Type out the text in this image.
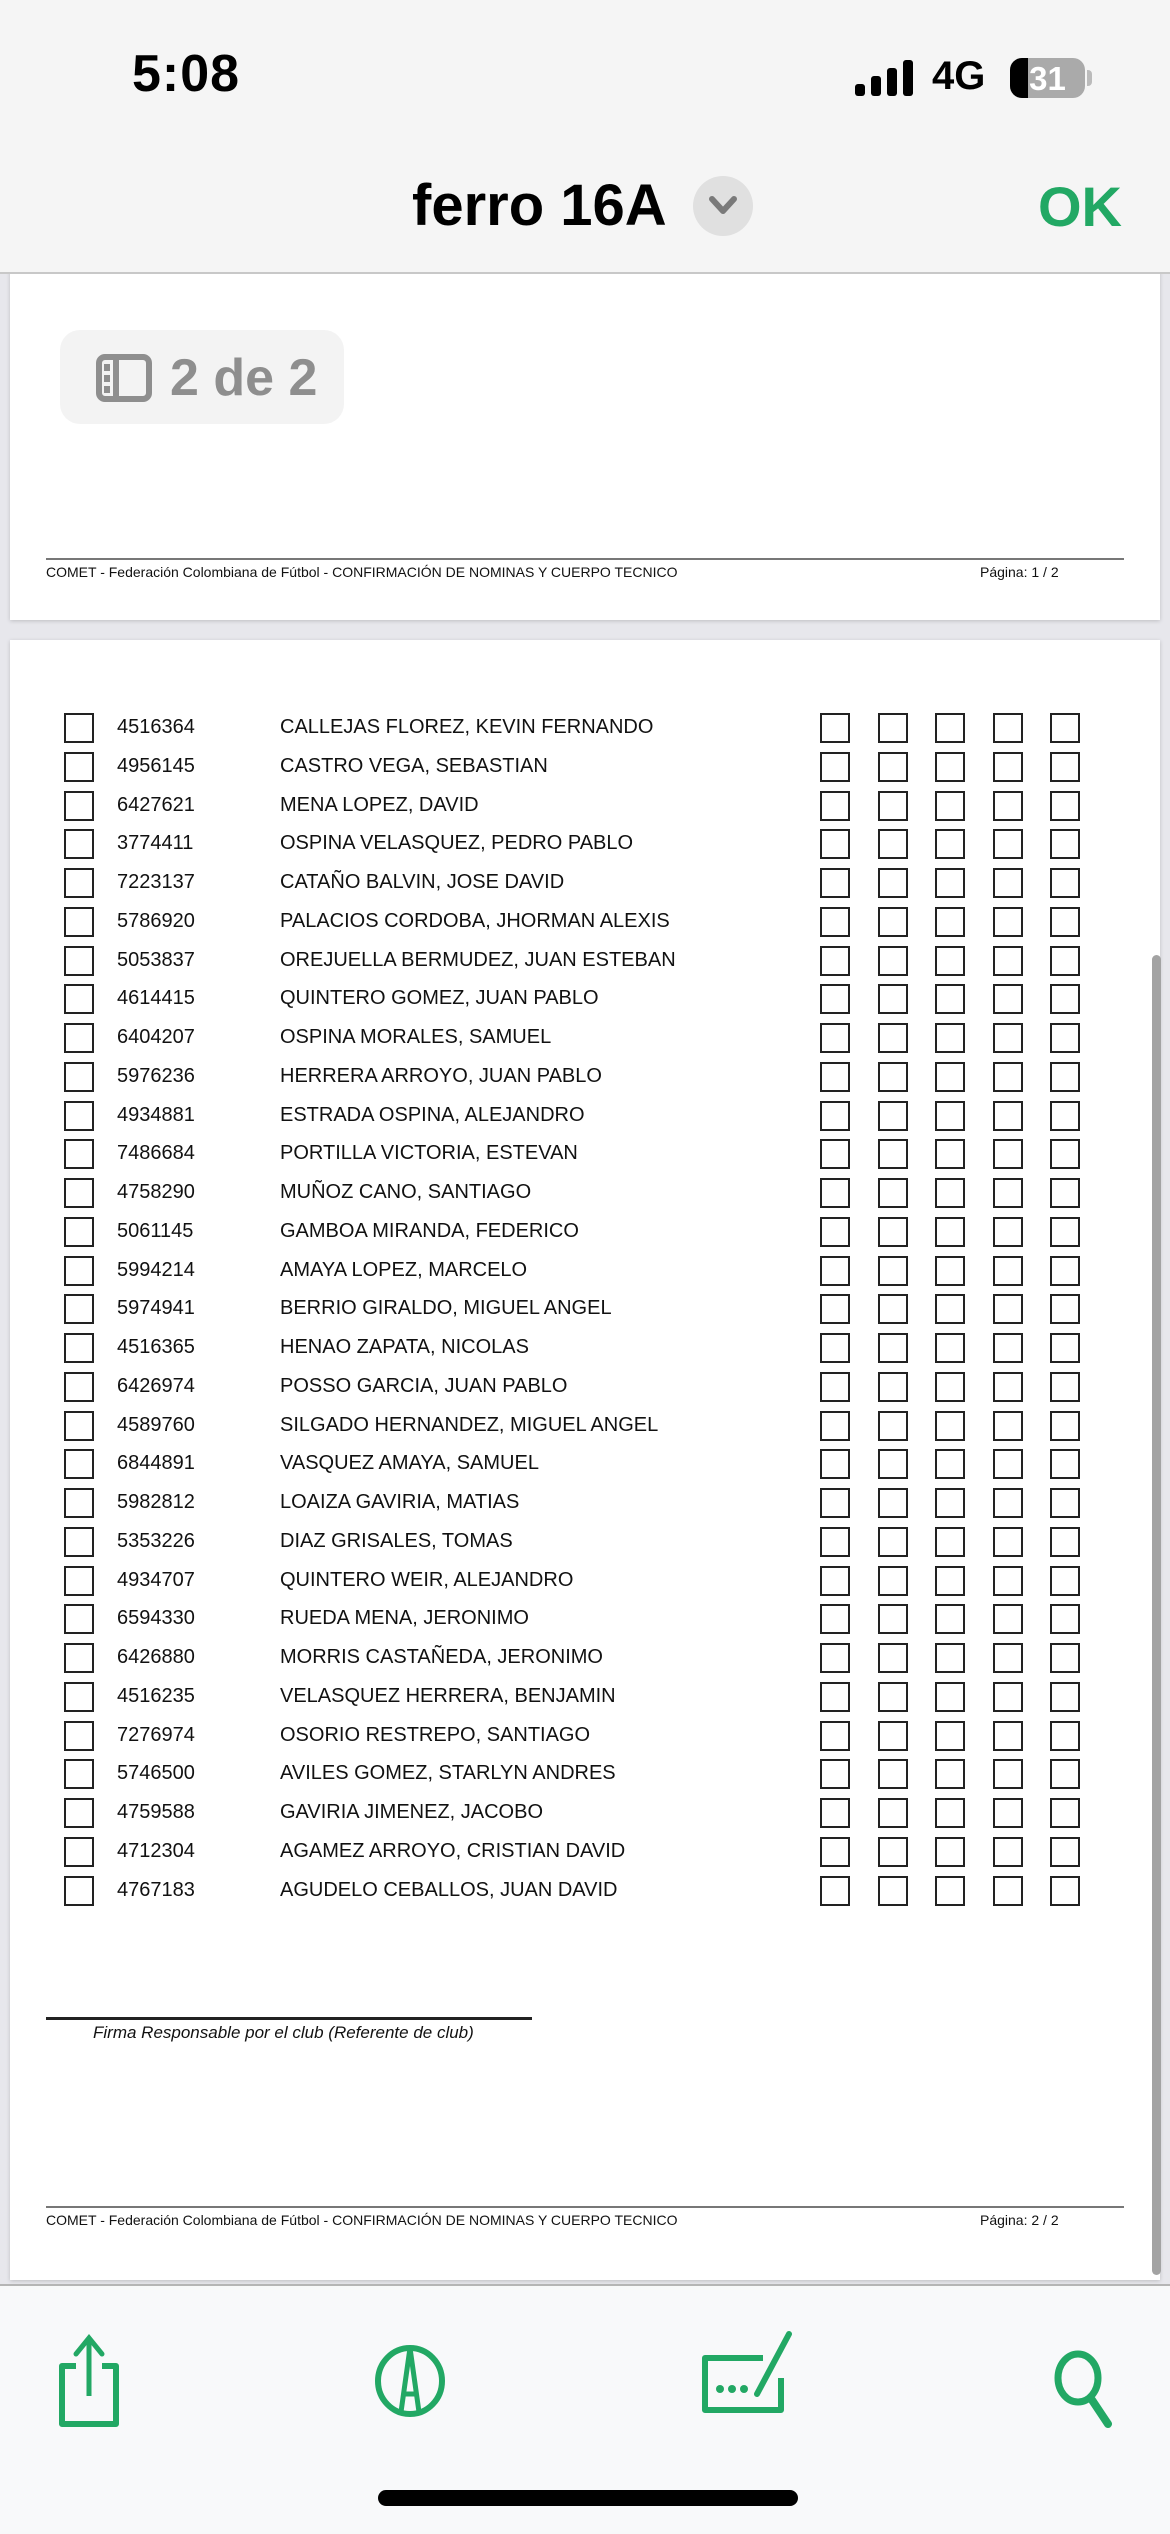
5:08	4G	31
ferro 16A	OK
COMET - Federación Colombiana de Fútbol - CONFIRMACIÓN DE NOMINAS Y CUERPO TECNICO	Página: 1 / 2
4516364	CALLEJAS FLOREZ, KEVIN FERNANDO
4956145	CASTRO VEGA, SEBASTIAN
6427621	MENA LOPEZ, DAVID
3774411	OSPINA VELASQUEZ, PEDRO PABLO
7223137	CATAÑO BALVIN, JOSE DAVID
5786920	PALACIOS CORDOBA, JHORMAN ALEXIS
5053837	OREJUELLA BERMUDEZ, JUAN ESTEBAN
4614415	QUINTERO GOMEZ, JUAN PABLO
6404207	OSPINA MORALES, SAMUEL
5976236	HERRERA ARROYO, JUAN PABLO
4934881	ESTRADA OSPINA, ALEJANDRO
7486684	PORTILLA VICTORIA, ESTEVAN
4758290	MUÑOZ CANO, SANTIAGO
5061145	GAMBOA MIRANDA, FEDERICO
5994214	AMAYA LOPEZ, MARCELO
5974941	BERRIO GIRALDO, MIGUEL ANGEL
4516365	HENAO ZAPATA, NICOLAS
6426974	POSSO GARCIA, JUAN PABLO
4589760	SILGADO HERNANDEZ, MIGUEL ANGEL
6844891	VASQUEZ AMAYA, SAMUEL
5982812	LOAIZA GAVIRIA, MATIAS
5353226	DIAZ GRISALES, TOMAS
4934707	QUINTERO WEIR, ALEJANDRO
6594330	RUEDA MENA, JERONIMO
6426880	MORRIS CASTAÑEDA, JERONIMO
4516235	VELASQUEZ HERRERA, BENJAMIN
7276974	OSORIO RESTREPO, SANTIAGO
5746500	AVILES GOMEZ, STARLYN ANDRES
4759588	GAVIRIA JIMENEZ, JACOBO
4712304	AGAMEZ ARROYO, CRISTIAN DAVID
4767183	AGUDELO CEBALLOS, JUAN DAVID
Firma Responsable por el club (Referente de club)
COMET - Federación Colombiana de Fútbol - CONFIRMACIÓN DE NOMINAS Y CUERPO TECNICO	Página: 2 / 2
2 de 2
